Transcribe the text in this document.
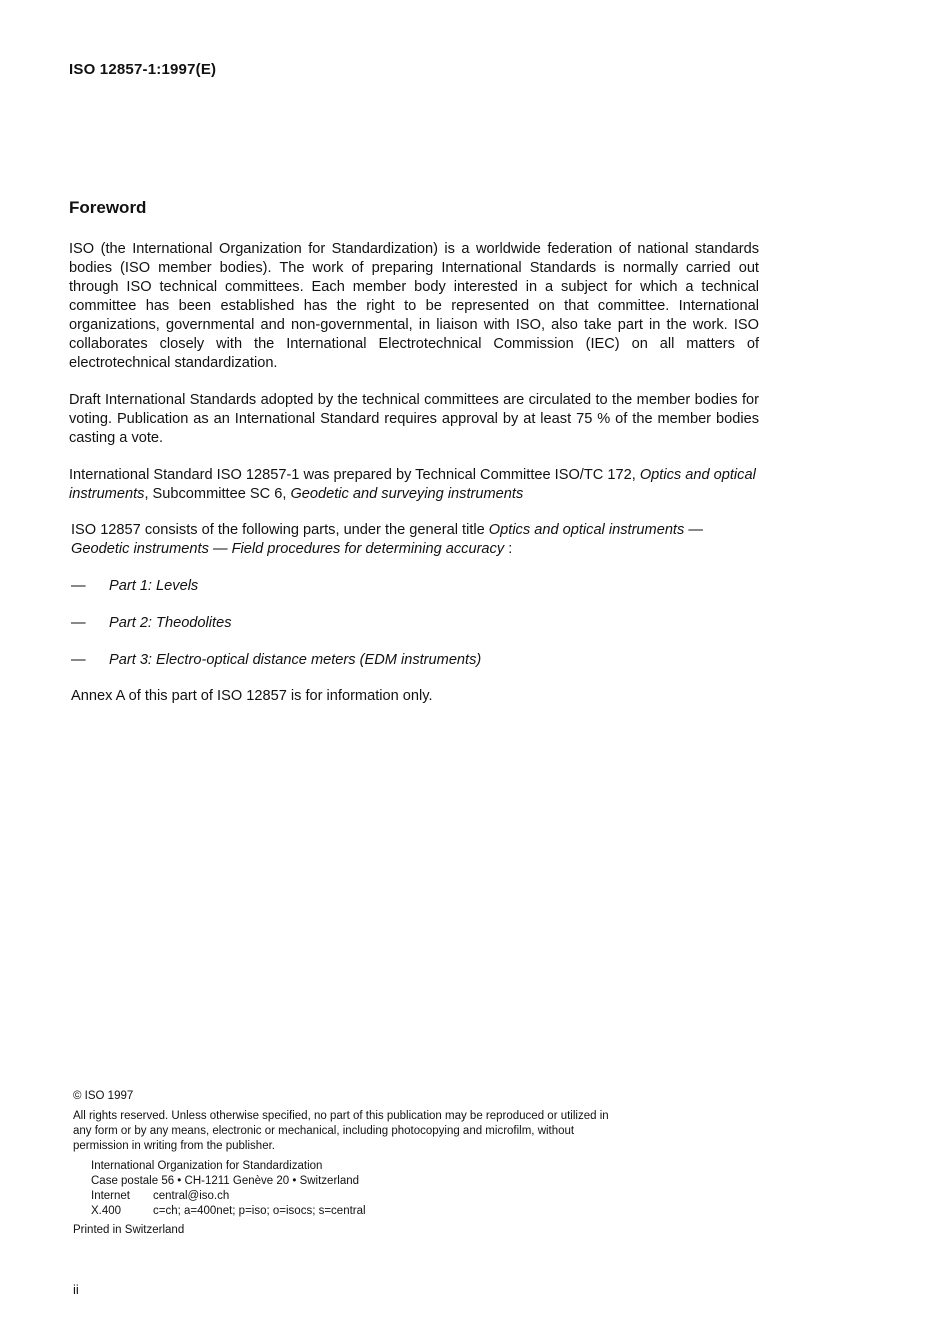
ISO 12857-1:1997(E)
Foreword
ISO (the International Organization for Standardization) is a worldwide federation of national standards bodies (ISO member bodies). The work of preparing International Standards is normally carried out through ISO technical committees. Each member body interested in a subject for which a technical committee has been established has the right to be represented on that committee. International organizations, governmental and non-governmental, in liaison with ISO, also take part in the work. ISO collaborates closely with the International Electrotechnical Commission (IEC) on all matters of electrotechnical standardization.
Draft International Standards adopted by the technical committees are circulated to the member bodies for voting. Publication as an International Standard requires approval by at least 75 % of the member bodies casting a vote.
International Standard ISO 12857-1 was prepared by Technical Committee ISO/TC 172, Optics and optical instruments, Subcommittee SC 6, Geodetic and surveying instruments
ISO 12857 consists of the following parts, under the general title Optics and optical instruments — Geodetic instruments — Field procedures for determining accuracy :
— Part 1: Levels
— Part 2: Theodolites
— Part 3: Electro-optical distance meters (EDM instruments)
Annex A of this part of ISO 12857 is for information only.
© ISO 1997
All rights reserved. Unless otherwise specified, no part of this publication may be reproduced or utilized in any form or by any means, electronic or mechanical, including photocopying and microfilm, without permission in writing from the publisher.
International Organization for Standardization
Case postale 56 • CH-1211 Genève 20 • Switzerland
Internet central@iso.ch
X.400	c=ch; a=400net; p=iso; o=isocs; s=central
Printed in Switzerland
ii
